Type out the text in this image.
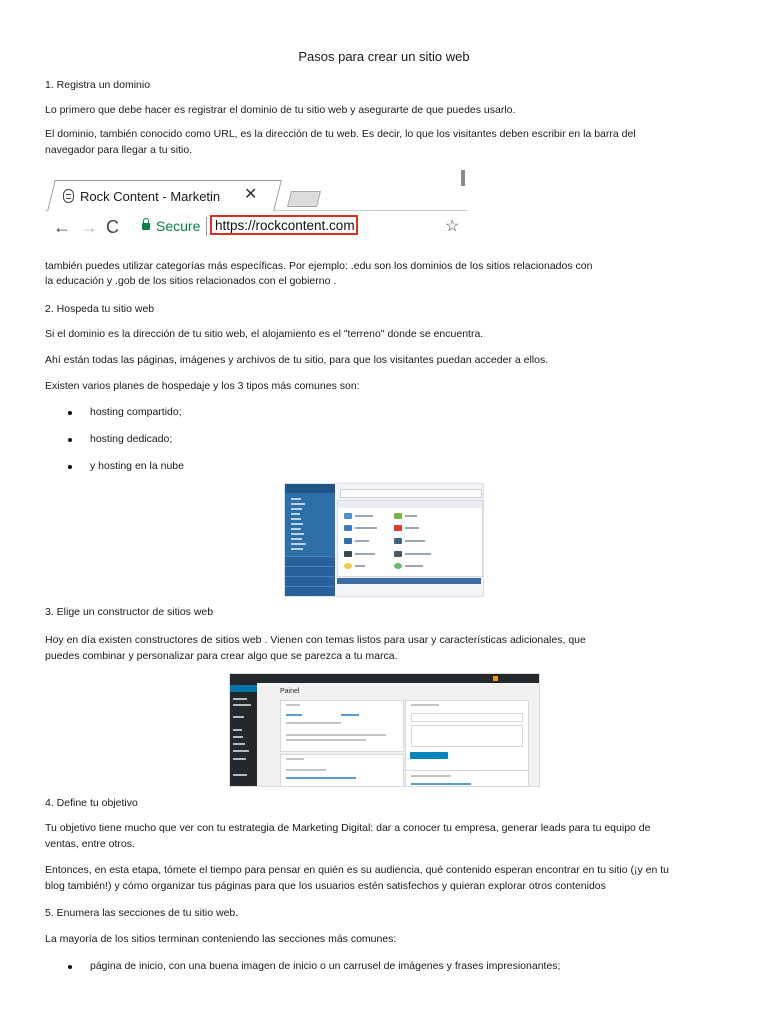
Pasos para crear un sitio web
1. Registra un dominio
Lo primero que debe hacer es registrar el dominio de tu sitio web y asegurarte de que puedes usarlo.
El dominio, también conocido como URL, es la dirección de tu web. Es decir, lo que los visitantes deben escribir en la barra del
navegador para llegar a tu sitio.
Rock Content - Marketin ✕
← → C	Secure	https://rockcontent.com	☆
también puedes utilizar categorías más específicas. Por ejemplo: .edu son los dominios de los sitios relacionados con
la educación y .gob de los sitios relacionados con el gobierno .
2. Hospeda tu sitio web
Si el dominio es la dirección de tu sitio web, el alojamiento es el "terreno" donde se encuentra.
Ahí están todas las páginas, imágenes y archivos de tu sitio, para que los visitantes puedan acceder a ellos.
Existen varios planes de hospedaje y los 3 tipos más comunes son:
hosting compartido;
hosting dedicado;
y hosting en la nube
3. Elige un constructor de sitios web
Hoy en día existen constructores de sitios web . Vienen con temas listos para usar y características adicionales, que
puedes combinar y personalizar para crear algo que se parezca a tu marca.
Painel
4. Define tu objetivo
Tu objetivo tiene mucho que ver con tu estrategia de Marketing Digital: dar a conocer tu empresa, generar leads para tu equipo de
ventas, entre otros.
Entonces, en esta etapa, tómete el tiempo para pensar en quién es su audiencia, qué contenido esperan encontrar en tu sitio (¡y en tu
blog también!) y cómo organizar tus páginas para que los usuarios estén satisfechos y quieran explorar otros contenidos
5. Enumera las secciones de tu sitio web.
La mayoría de los sitios terminan conteniendo las secciones más comunes:
página de inicio, con una buena imagen de inicio o un carrusel de imágenes y frases impresionantes;
